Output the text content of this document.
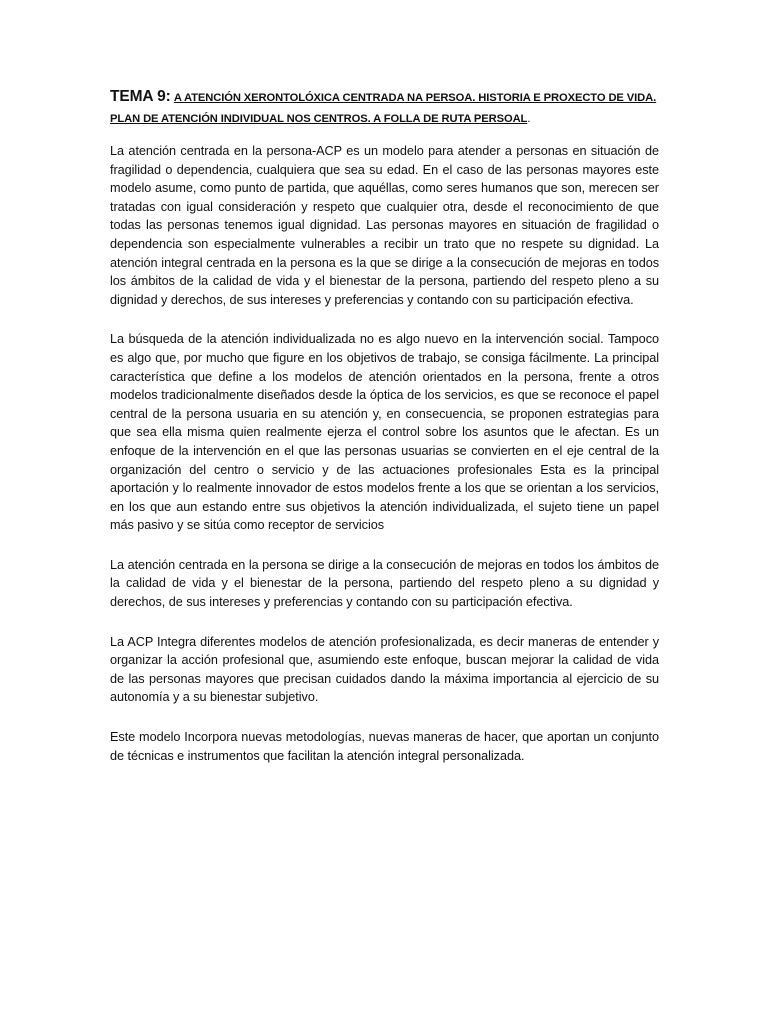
TEMA 9: A ATENCIÓN XERONTOLÓXICA CENTRADA NA PERSOA. HISTORIA E PROXECTO DE VIDA. PLAN DE ATENCIÓN INDIVIDUAL NOS CENTROS. A FOLLA DE RUTA PERSOAL.

La atención centrada en la persona-ACP es un modelo para atender a personas en situación de fragilidad o dependencia, cualquiera que sea su edad. En el caso de las personas mayores este modelo asume, como punto de partida, que aquéllas, como seres humanos que son, merecen ser tratadas con igual consideración y respeto que cualquier otra, desde el reconocimiento de que todas las personas tenemos igual dignidad. Las personas mayores en situación de fragilidad o dependencia son especialmente vulnerables a recibir un trato que no respete su dignidad. La atención integral centrada en la persona es la que se dirige a la consecución de mejoras en todos los ámbitos de la calidad de vida y el bienestar de la persona, partiendo del respeto pleno a su dignidad y derechos, de sus intereses y preferencias y contando con su participación efectiva.

La búsqueda de la atención individualizada no es algo nuevo en la intervención social. Tampoco es algo que, por mucho que figure en los objetivos de trabajo, se consiga fácilmente. La principal característica que define a los modelos de atención orientados en la persona, frente a otros modelos tradicionalmente diseñados desde la óptica de los servicios, es que se reconoce el papel central de la persona usuaria en su atención y, en consecuencia, se proponen estrategias para que sea ella misma quien realmente ejerza el control sobre los asuntos que le afectan. Es un enfoque de la intervención en el que las personas usuarias se convierten en el eje central de la organización del centro o servicio y de las actuaciones profesionales Esta es la principal aportación y lo realmente innovador de estos modelos frente a los que se orientan a los servicios, en los que aun estando entre sus objetivos la atención individualizada, el sujeto tiene un papel más pasivo y se sitúa como receptor de servicios

La atención centrada en la persona se dirige a la consecución de mejoras en todos los ámbitos de la calidad de vida y el bienestar de la persona, partiendo del respeto pleno a su dignidad y derechos, de sus intereses y preferencias y contando con su participación efectiva.

La ACP Integra diferentes modelos de atención profesionalizada, es decir maneras de entender y organizar la acción profesional que, asumiendo este enfoque, buscan mejorar la calidad de vida de las personas mayores que precisan cuidados dando la máxima importancia al ejercicio de su autonomía y a su bienestar subjetivo.

Este modelo Incorpora nuevas metodologías, nuevas maneras de hacer, que aportan un conjunto de técnicas e instrumentos que facilitan la atención integral personalizada.
